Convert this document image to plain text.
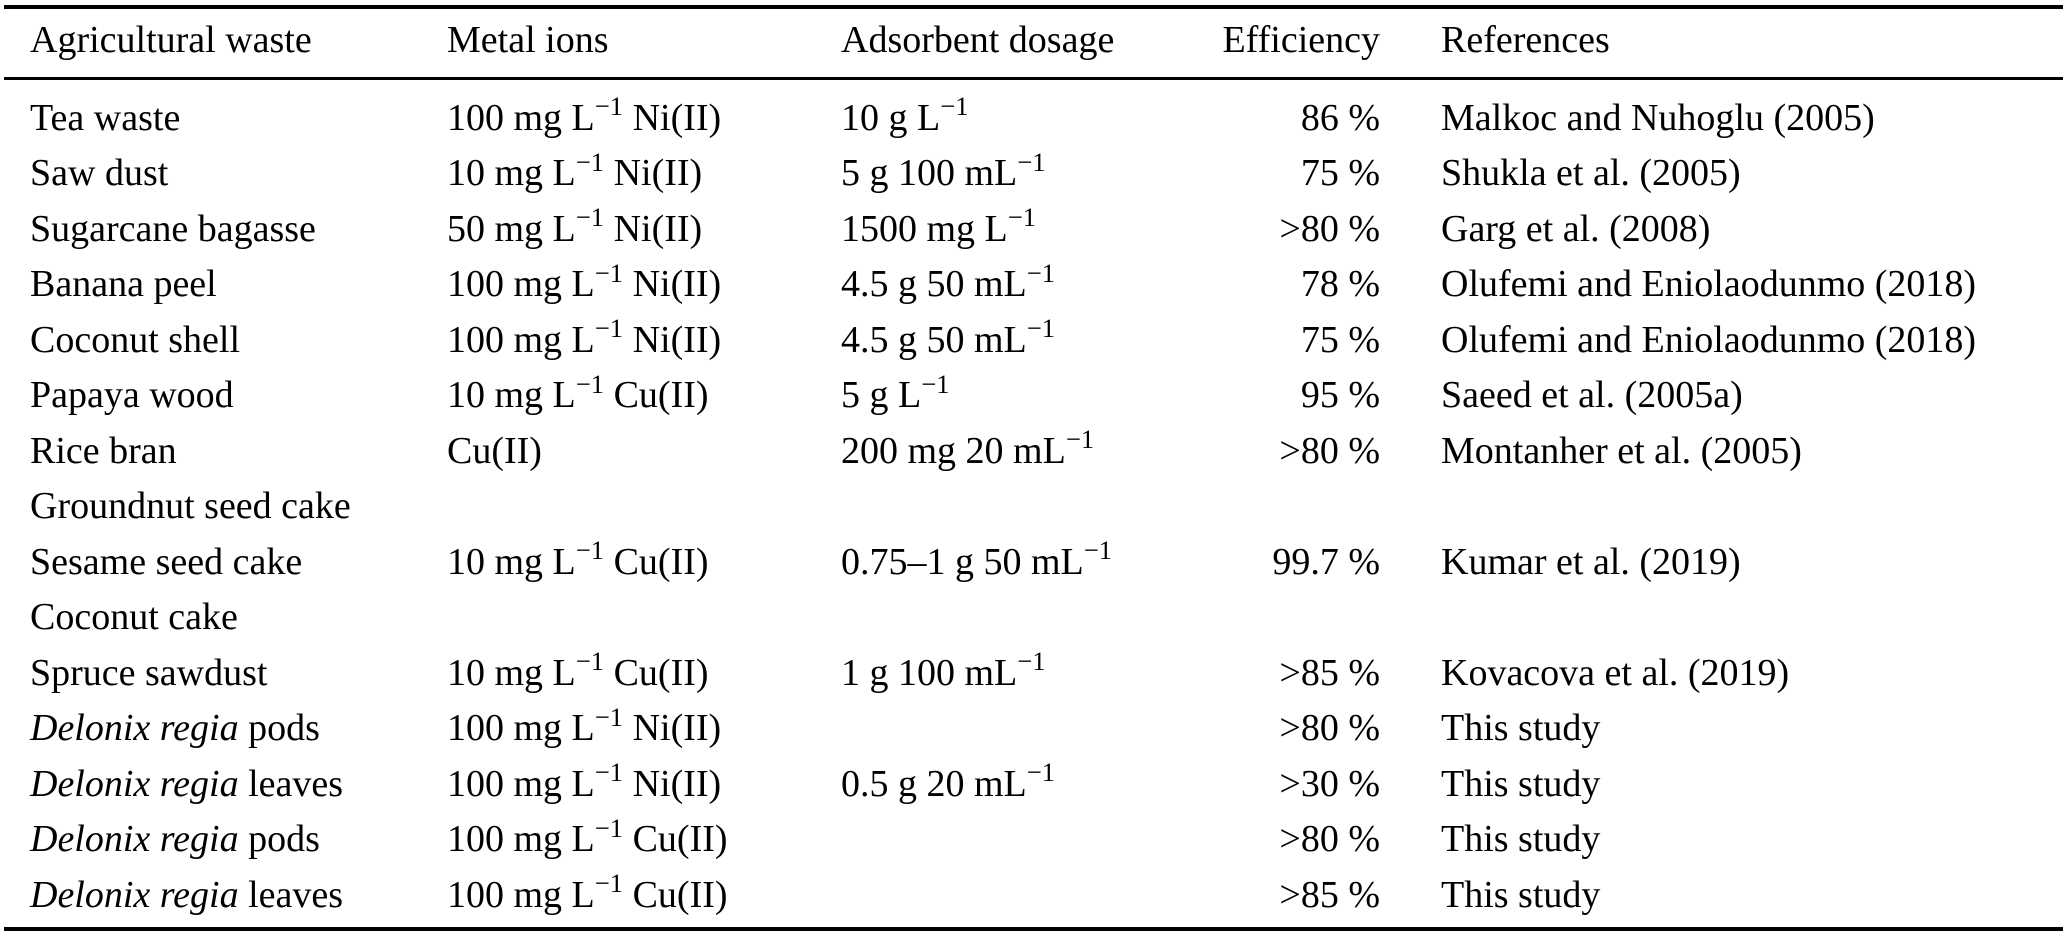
Agricultural waste	Metal ions	Adsorbent dosage	Efficiency	References
Tea waste	100 mg $L^{-1}$ Ni(II)	10 g $L^{-1}$	86 %	Malkoc and Nuhoglu (2005)
Saw dust	10 mg $L^{-1}$ Ni(II)	5 g 100 $mL^{-1}$	75 %	Shukla et al. (2005)
Sugarcane bagasse	50 mg $L^{-1}$ Ni(II)	1500 mg $L^{-1}$	>80 %	Garg et al. (2008)
Banana peel	100 mg $L^{-1}$ Ni(II)	4.5 g 50 $mL^{-1}$	78 %	Olufemi and Eniolaodunmo (2018)
Coconut shell	100 mg $L^{-1}$ Ni(II)	4.5 g 50 $mL^{-1}$	75 %	Olufemi and Eniolaodunmo (2018)
Papaya wood	10 mg $L^{-1}$ Cu(II)	5 g $L^{-1}$	95 %	Saeed et al. (2005a)
Rice bran	Cu(II)	200 mg 20 $mL^{-1}$	>80 %	Montanher et al. (2005)
Groundnut seed cake				
Sesame seed cake	10 mg $L^{-1}$ Cu(II)	0.75–1 g 50 $mL^{-1}$	99.7 %	Kumar et al. (2019)
Coconut cake				
Spruce sawdust	10 mg $L^{-1}$ Cu(II)	1 g 100 $mL^{-1}$	>85 %	Kovacova et al. (2019)
Delonix regia pods	100 mg $L^{-1}$ Ni(II)		>80 %	This study
Delonix regia leaves	100 mg $L^{-1}$ Ni(II)	0.5 g 20 $mL^{-1}$	>30 %	This study
Delonix regia pods	100 mg $L^{-1}$ Cu(II)		>80 %	This study
Delonix regia leaves	100 mg $L^{-1}$ Cu(II)		>85 %	This study
